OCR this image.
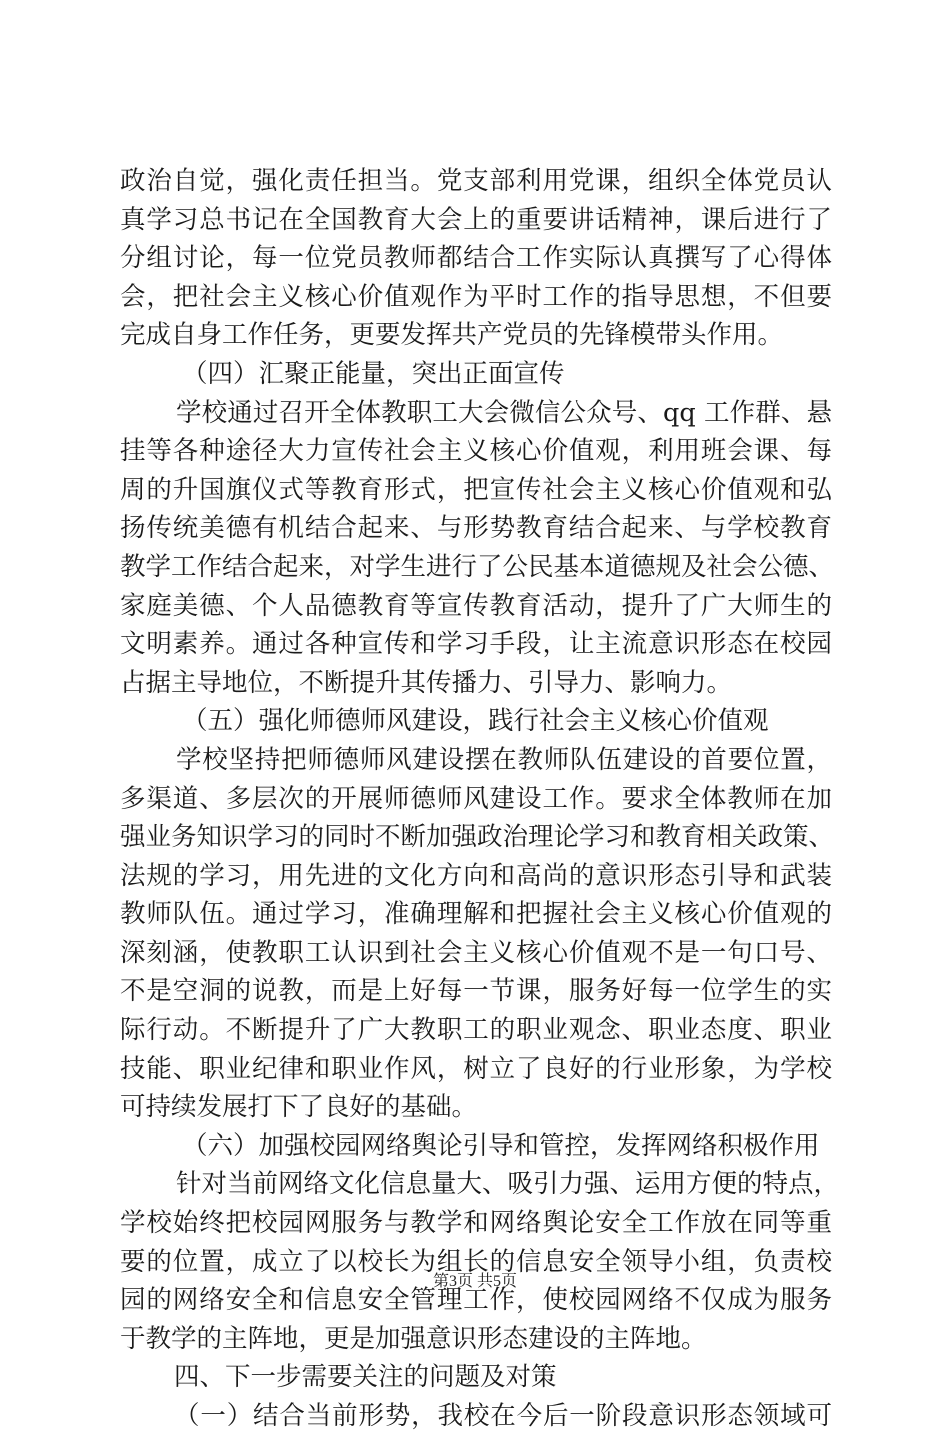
政治自觉，强化责任担当。党支部利用党课，组织全体党员认
真学习总书记在全国教育大会上的重要讲话精神，课后进行了
分组讨论，每一位党员教师都结合工作实际认真撰写了心得体
会，把社会主义核心价值观作为平时工作的指导思想，不但要
完成自身工作任务，更要发挥共产党员的先锋模带头作用。
（四）汇聚正能量，突出正面宣传
学校通过召开全体教职工大会微信公众号、qq 工作群、悬
挂等各种途径大力宣传社会主义核心价值观，利用班会课、每
周的升国旗仪式等教育形式，把宣传社会主义核心价值观和弘
扬传统美德有机结合起来、与形势教育结合起来、与学校教育
教学工作结合起来，对学生进行了公民基本道德规及社会公德、
家庭美德、个人品德教育等宣传教育活动，提升了广大师生的
文明素养。通过各种宣传和学习手段，让主流意识形态在校园
占据主导地位，不断提升其传播力、引导力、影响力。
（五）强化师德师风建设，践行社会主义核心价值观
学校坚持把师德师风建设摆在教师队伍建设的首要位置，
多渠道、多层次的开展师德师风建设工作。要求全体教师在加
强业务知识学习的同时不断加强政治理论学习和教育相关政策、
法规的学习，用先进的文化方向和高尚的意识形态引导和武装
教师队伍。通过学习，准确理解和把握社会主义核心价值观的
深刻涵，使教职工认识到社会主义核心价值观不是一句口号、
不是空洞的说教，而是上好每一节课，服务好每一位学生的实
际行动。不断提升了广大教职工的职业观念、职业态度、职业
技能、职业纪律和职业作风，树立了良好的行业形象，为学校
可持续发展打下了良好的基础。
（六）加强校园网络舆论引导和管控，发挥网络积极作用
针对当前网络文化信息量大、吸引力强、运用方便的特点，
学校始终把校园网服务与教学和网络舆论安全工作放在同等重
要的位置，成立了以校长为组长的信息安全领导小组，负责校
园的网络安全和信息安全管理工作，使校园网络不仅成为服务
于教学的主阵地，更是加强意识形态建设的主阵地。
四、下一步需要关注的问题及对策
（一）结合当前形势，我校在今后一阶段意识形态领域可
第3页 共5页
